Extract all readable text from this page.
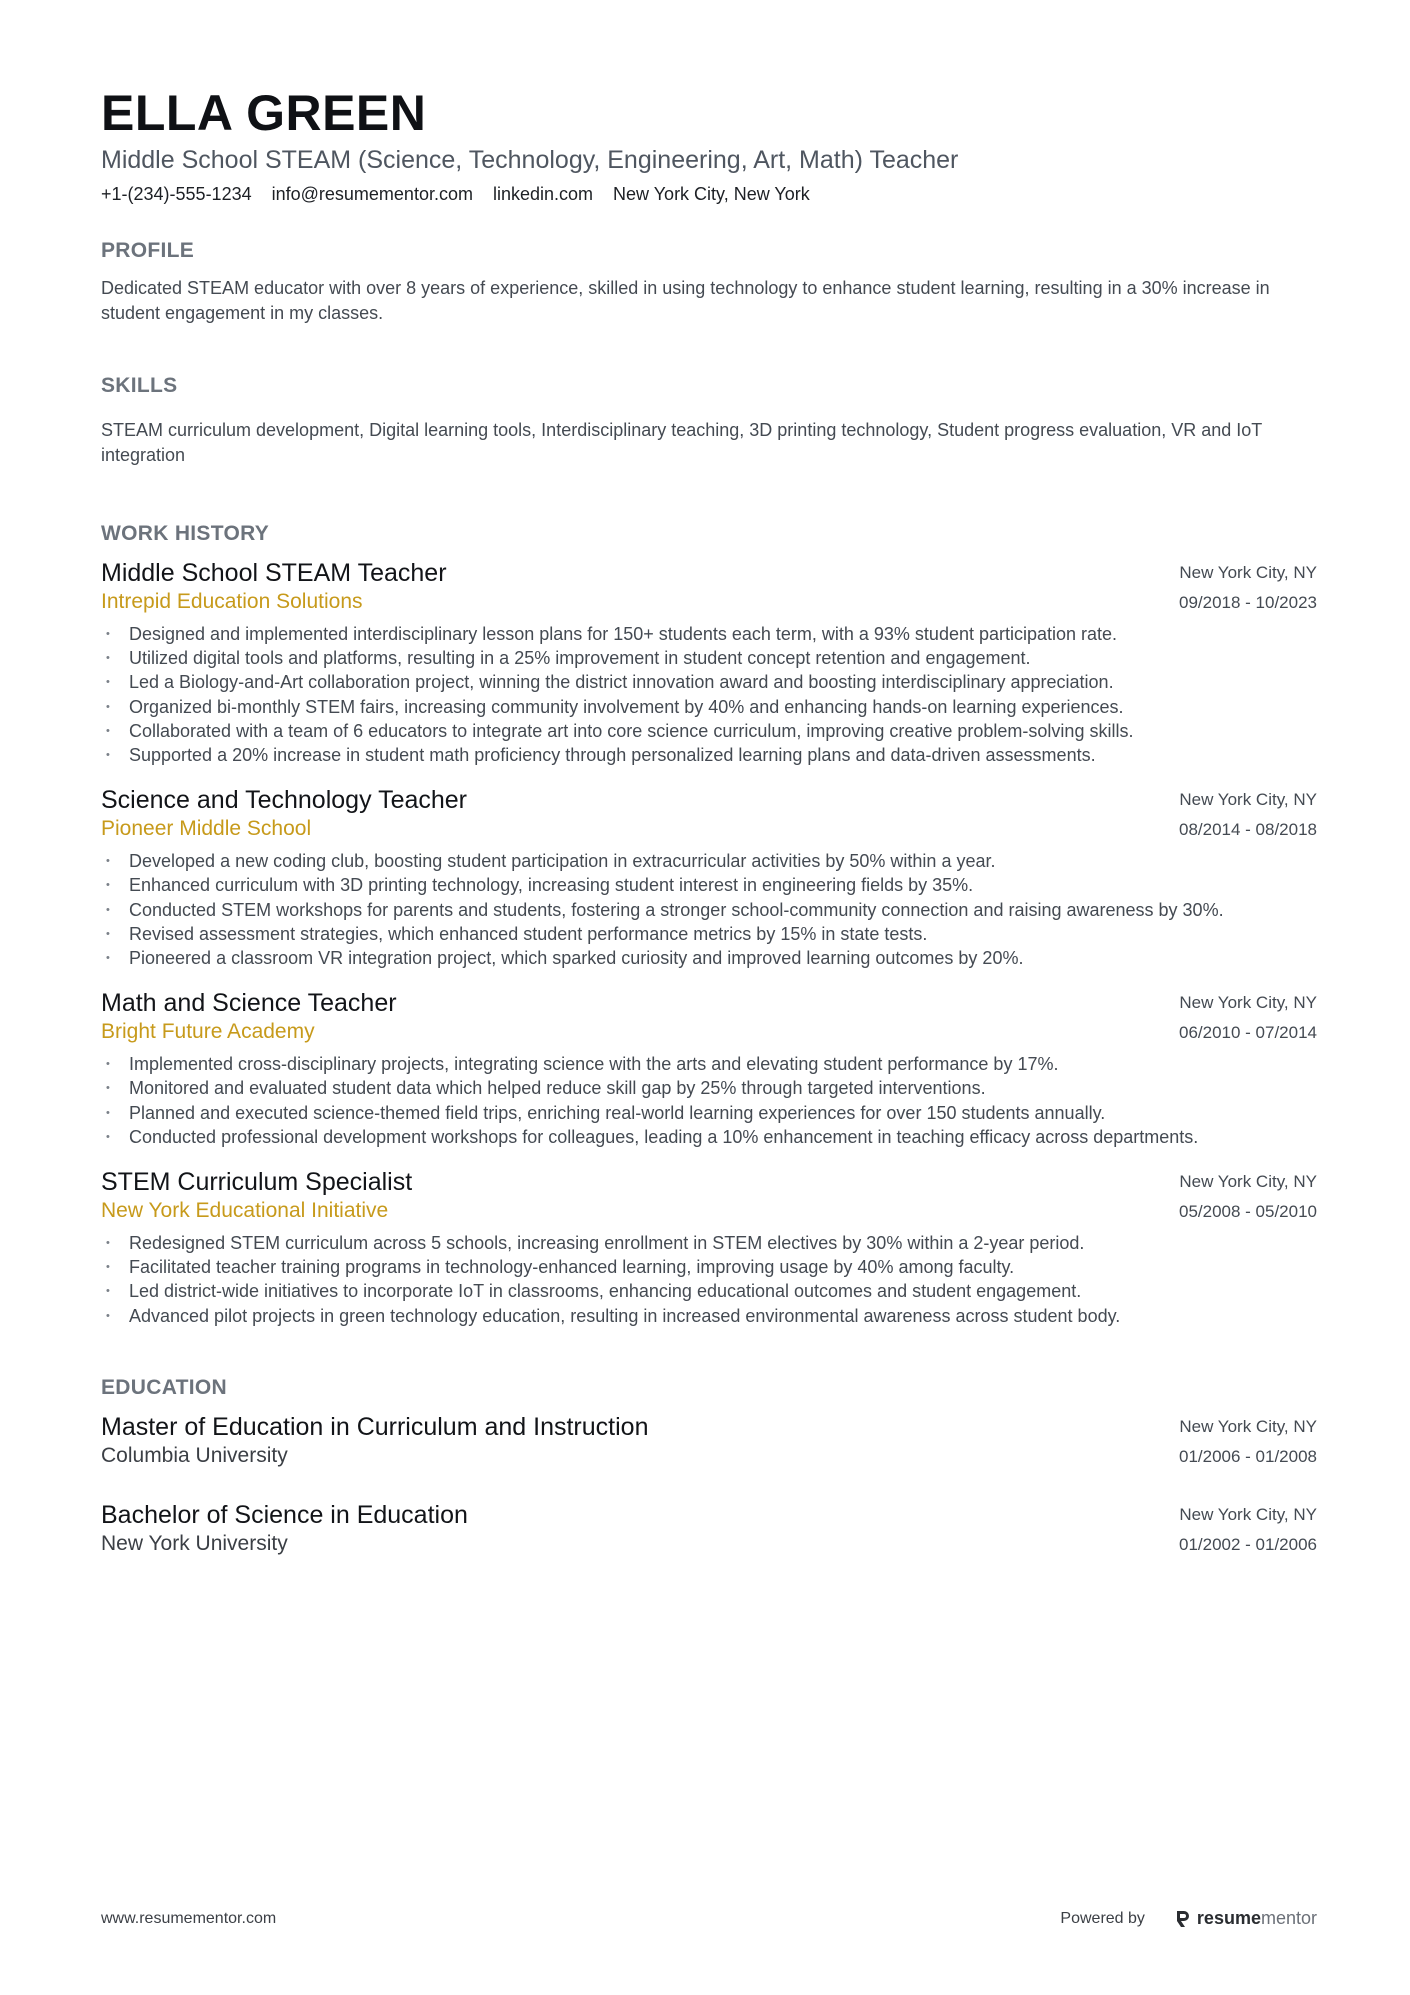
ELLA GREEN
Middle School STEAM (Science, Technology, Engineering, Art, Math) Teacher
+1-(234)-555-1234 info@resumementor.com linkedin.com New York City, New York
PROFILE
Dedicated STEAM educator with over 8 years of experience, skilled in using technology to enhance student learning, resulting in a 30% increase in student engagement in my classes.
SKILLS
STEAM curriculum development, Digital learning tools, Interdisciplinary teaching, 3D printing technology, Student progress evaluation, VR and IoT integration
WORK HISTORY
Middle School STEAM Teacher
Intrepid Education Solutions
New York City, NY
09/2018 - 10/2023
• Designed and implemented interdisciplinary lesson plans for 150+ students each term, with a 93% student participation rate.
• Utilized digital tools and platforms, resulting in a 25% improvement in student concept retention and engagement.
• Led a Biology-and-Art collaboration project, winning the district innovation award and boosting interdisciplinary appreciation.
• Organized bi-monthly STEM fairs, increasing community involvement by 40% and enhancing hands-on learning experiences.
• Collaborated with a team of 6 educators to integrate art into core science curriculum, improving creative problem-solving skills.
• Supported a 20% increase in student math proficiency through personalized learning plans and data-driven assessments.
Science and Technology Teacher
Pioneer Middle School
New York City, NY
08/2014 - 08/2018
• Developed a new coding club, boosting student participation in extracurricular activities by 50% within a year.
• Enhanced curriculum with 3D printing technology, increasing student interest in engineering fields by 35%.
• Conducted STEM workshops for parents and students, fostering a stronger school-community connection and raising awareness by 30%.
• Revised assessment strategies, which enhanced student performance metrics by 15% in state tests.
• Pioneered a classroom VR integration project, which sparked curiosity and improved learning outcomes by 20%.
Math and Science Teacher
Bright Future Academy
New York City, NY
06/2010 - 07/2014
• Implemented cross-disciplinary projects, integrating science with the arts and elevating student performance by 17%.
• Monitored and evaluated student data which helped reduce skill gap by 25% through targeted interventions.
• Planned and executed science-themed field trips, enriching real-world learning experiences for over 150 students annually.
• Conducted professional development workshops for colleagues, leading a 10% enhancement in teaching efficacy across departments.
STEM Curriculum Specialist
New York Educational Initiative
New York City, NY
05/2008 - 05/2010
• Redesigned STEM curriculum across 5 schools, increasing enrollment in STEM electives by 30% within a 2-year period.
• Facilitated teacher training programs in technology-enhanced learning, improving usage by 40% among faculty.
• Led district-wide initiatives to incorporate IoT in classrooms, enhancing educational outcomes and student engagement.
• Advanced pilot projects in green technology education, resulting in increased environmental awareness across student body.
EDUCATION
Master of Education in Curriculum and Instruction
Columbia University
New York City, NY
01/2006 - 01/2008
Bachelor of Science in Education
New York University
New York City, NY
01/2002 - 01/2006
www.resumementor.com	Powered by	resumementor
